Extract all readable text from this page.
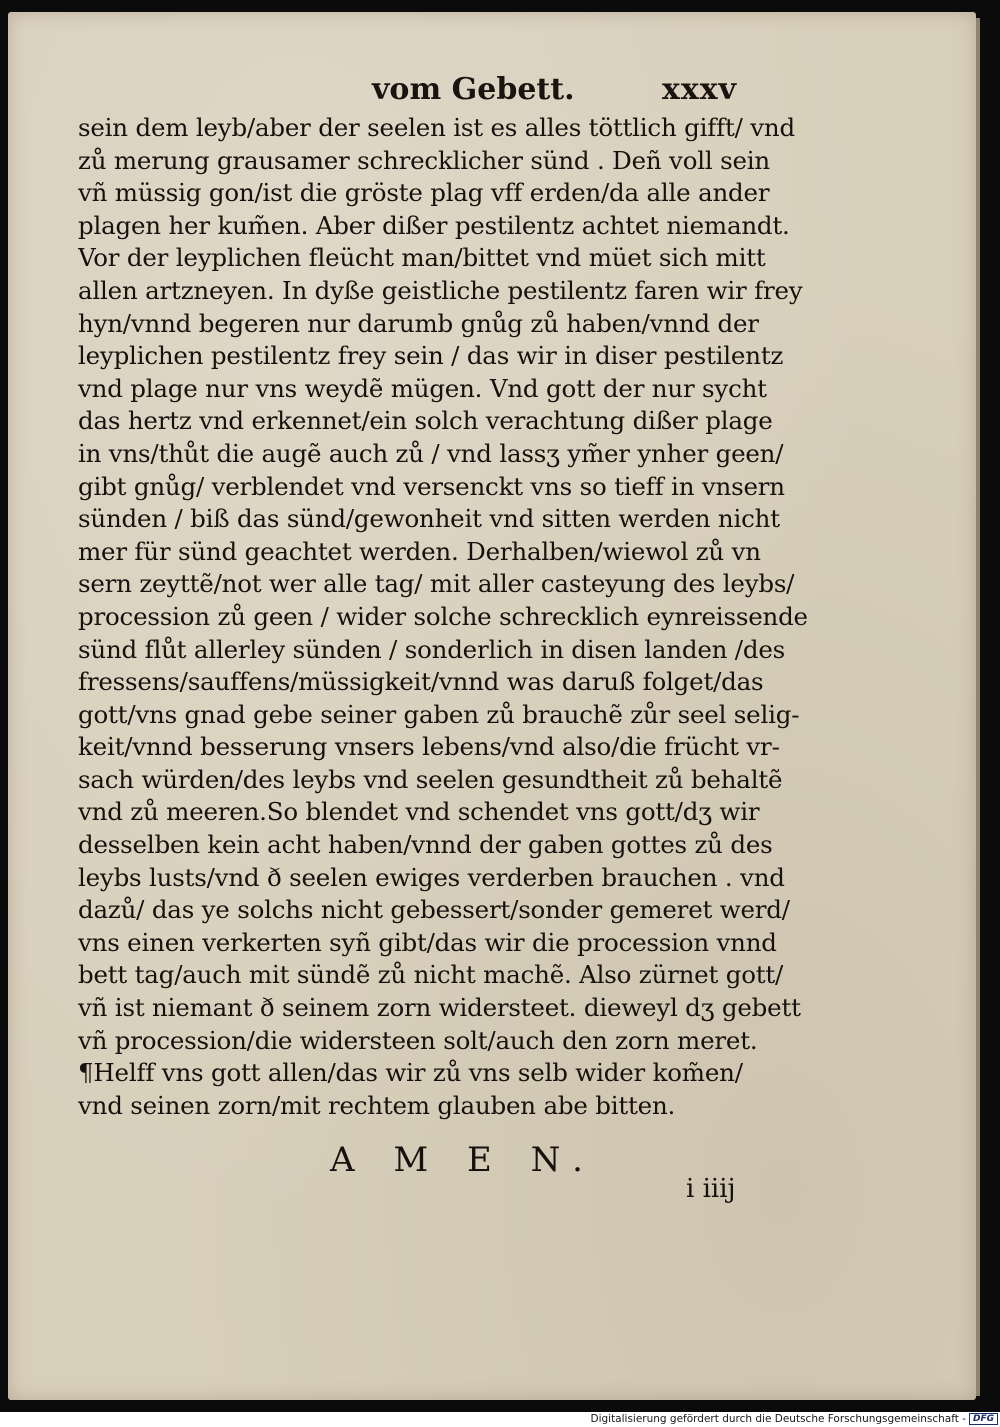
vom Gebett.	xxxv
sein dem leyb/aber der seelen ist es alles töttlich gifft/ vnd
zů merung grausamer schrecklicher sünd . Deñ voll sein
vñ müssig gon/ist die gröste plag vff erden/da alle ander
plagen her kum̃en. Aber dißer pestilentz achtet niemandt.
Vor der leyplichen fleücht man/bittet vnd müet sich mitt
allen artzneyen. In dyße geistliche pestilentz faren wir frey
hyn/vnnd begeren nur darumb gnůg zů haben/vnnd der
leyplichen pestilentz frey sein / das wir in diser pestilentz
vnd plage nur vns weydẽ mügen. Vnd gott der nur sycht
das hertz vnd erkennet/ein solch verachtung dißer plage
in vns/thůt die augẽ auch zů / vnd lassʒ ym̃er ynher geen/
gibt gnůg/ verblendet vnd versenckt vns so tieff in vnsern
sünden / biß das sünd/gewonheit vnd sitten werden nicht
mer für sünd geachtet werden. Derhalben/wiewol zů vn
sern zeyttẽ/not wer alle tag/ mit aller casteyung des leybs/
procession zů geen / wider solche schrecklich eynreissende
sünd flůt allerley sünden / sonderlich in disen landen /des
fressens/sauffens/müssigkeit/vnnd was daruß folget/das
gott/vns gnad gebe seiner gaben zů brauchẽ zůr seel selig-
keit/vnnd besserung vnsers lebens/vnd also/die frücht vr-
sach würden/des leybs vnd seelen gesundtheit zů behaltẽ
vnd zů meeren.So blendet vnd schendet vns gott/dʒ wir
desselben kein acht haben/vnnd der gaben gottes zů des
leybs lusts/vnd ð seelen ewiges verderben brauchen . vnd
dazů/ das ye solchs nicht gebessert/sonder gemeret werd/
vns einen verkerten syñ gibt/das wir die procession vnnd
bett tag/auch mit sündẽ zů nicht machẽ. Also zürnet gott/
vñ ist niemant ð seinem zorn widersteet. dieweyl dʒ gebett
vñ procession/die widersteen solt/auch den zorn meret.
¶Helff vns gott allen/das wir zů vns selb wider kom̃en/
vnd seinen zorn/mit rechtem glauben abe bitten.
A M E N.
i iiij
Digitalisierung gefördert durch die Deutsche Forschungsgemeinschaft - DFG
